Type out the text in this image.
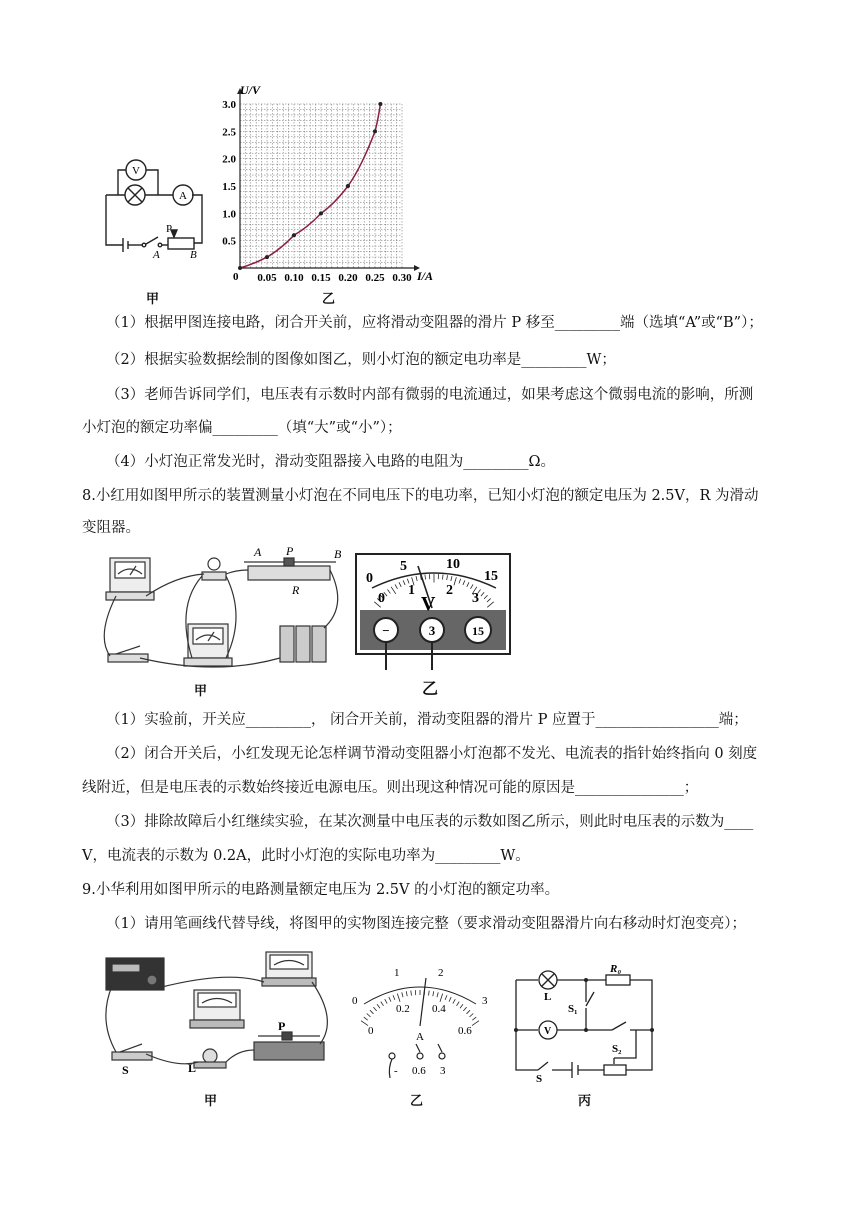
V
A
P
A	B
甲
0.5
1.0
1.5
2.0
2.5
3.0
0.05 0.10 0.15 0.20 0.25 0.30
U/V
I/A
0
乙
（1）根据甲图连接电路，闭合开关前，应将滑动变阻器的滑片 P 移至_________端（选填“A”或“B”）；
（2）根据实验数据绘制的图像如图乙，则小灯泡的额定电功率是_________W；
（3）老师告诉同学们，电压表有示数时内部有微弱的电流通过，如果考虑这个微弱电流的影响，所测
小灯泡的额定功率偏_________（填“大”或“小”）；
（4）小灯泡正常发光时，滑动变阻器接入电路的电阻为_________Ω。
8.小红用如图甲所示的装置测量小灯泡在不同电压下的电功率，已知小灯泡的额定电压为 2.5V，R 为滑动
变阻器。
A P	B
R
甲
0
5	10
15
0
1 2
3
V
−	3	15
乙
（1）实验前，开关应_________， 闭合开关前，滑动变阻器的滑片 P 应置于_________________端；
（2）闭合开关后，小红发现无论怎样调节滑动变阻器小灯泡都不发光、电流表的指针始终指向 0 刻度
线附近，但是电压表的示数始终接近电源电压。则出现这种情况可能的原因是_______________；
（3）排除故障后小红继续实验，在某次测量中电压表的示数如图乙所示，则此时电压表的示数为____
V，电流表的示数为 0.2A，此时小灯泡的实际电功率为_________W。
9.小华利用如图甲所示的电路测量额定电压为 2.5V 的小灯泡的额定功率。
（1）请用笔画线代替导线，将图甲的实物图连接完整（要求滑动变阻器滑片向右移动时灯泡变亮）；
S	L
P
甲
0
1	2
3
0
0.2 0.4
0.6
A
- 0.6 3
乙
L
R₀
S₁
S₂
S
V
丙
